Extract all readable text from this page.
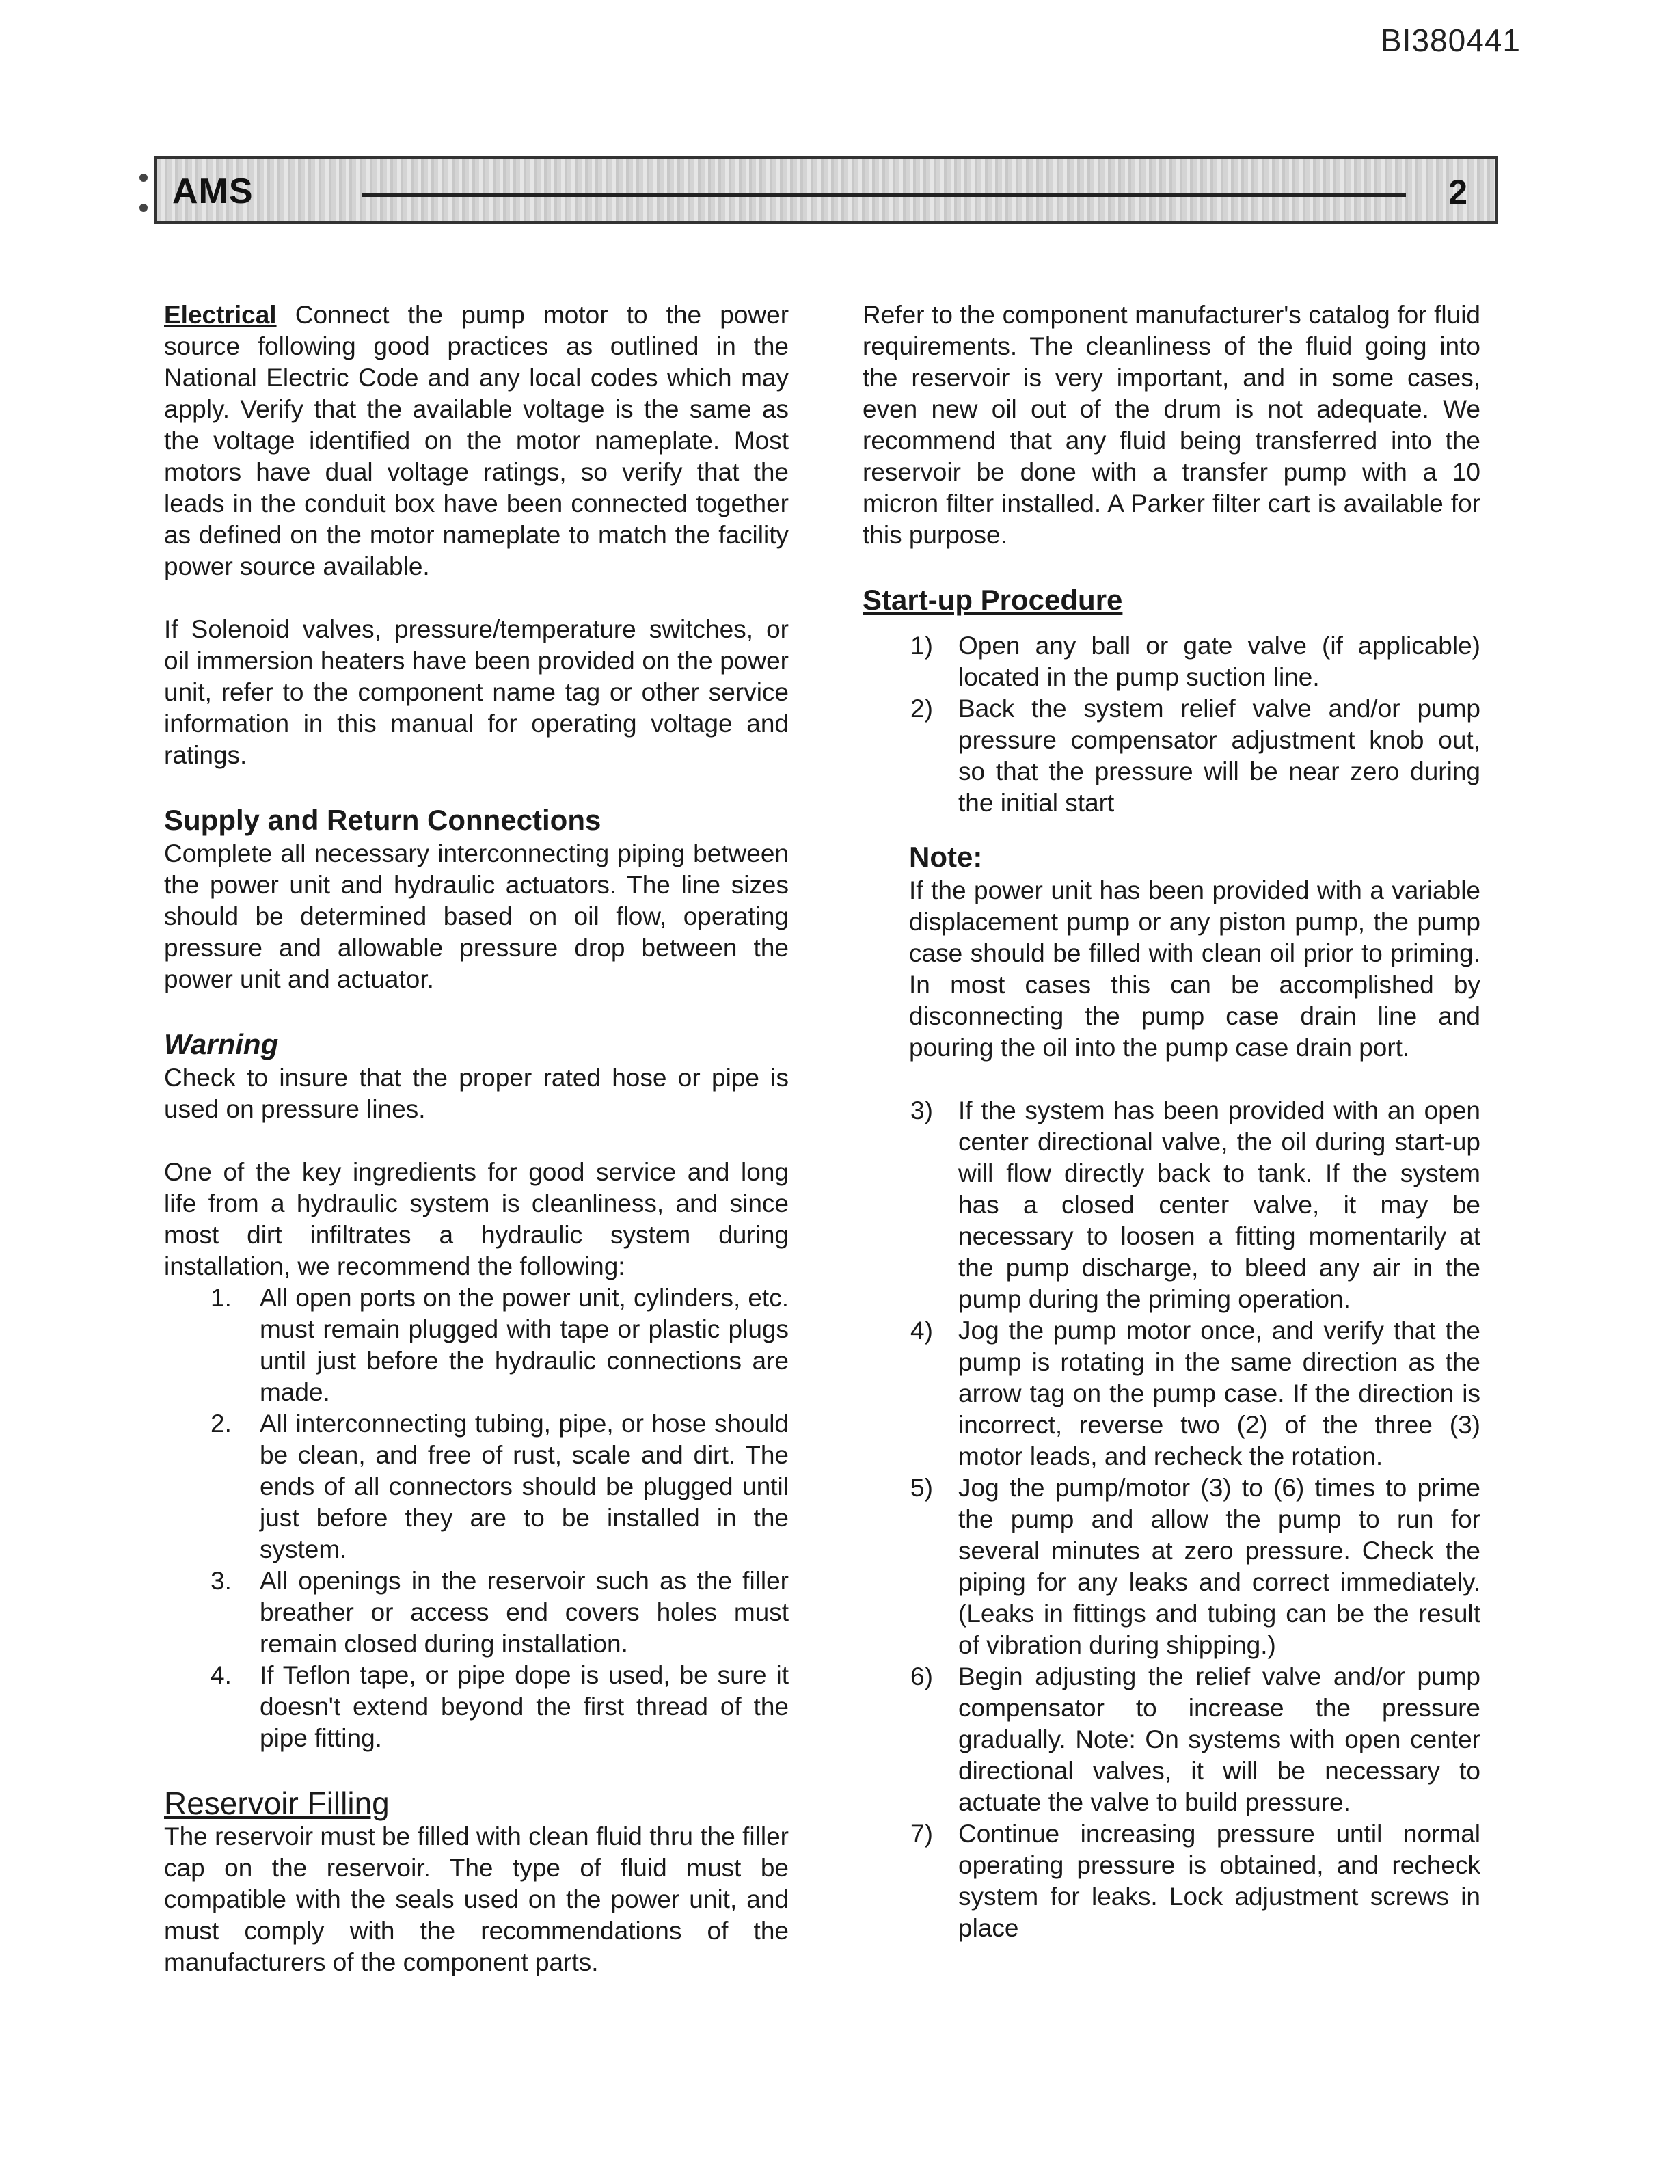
BI380441
AMS	2

Electrical Connect the pump motor to the power source following good practices as outlined in the National Electric Code and any local codes which may apply. Verify that the available voltage is the same as the voltage identified on the motor nameplate. Most motors have dual voltage ratings, so verify that the leads in the conduit box have been connected together as defined on the motor nameplate to match the facility power source available.

If Solenoid valves, pressure/temperature switches, or oil immersion heaters have been provided on the power unit, refer to the component name tag or other service information in this manual for operating voltage and ratings.

Supply and Return Connections

Complete all necessary interconnecting piping between the power unit and hydraulic actuators. The line sizes should be determined based on oil flow, operating pressure and allowable pressure drop between the power unit and actuator.

Warning

Check to insure that the proper rated hose or pipe is used on pressure lines.

One of the key ingredients for good service and long life from a hydraulic system is cleanliness, and since most dirt infiltrates a hydraulic system during installation, we recommend the following:

1. All open ports on the power unit, cylinders, etc. must remain plugged with tape or plastic plugs until just before the hydraulic connections are made.
2. All interconnecting tubing, pipe, or hose should be clean, and free of rust, scale and dirt. The ends of all connectors should be plugged until just before they are to be installed in the system.
3. All openings in the reservoir such as the filler breather or access end covers holes must remain closed during installation.
4. If Teflon tape, or pipe dope is used, be sure it doesn't extend beyond the first thread of the pipe fitting.
Reservoir Filling

The reservoir must be filled with clean fluid thru the filler cap on the reservoir. The type of fluid must be compatible with the seals used on the power unit, and must comply with the recommendations of the manufacturers of the component parts.

Refer to the component manufacturer's catalog for fluid requirements. The cleanliness of the fluid going into the reservoir is very important, and in some cases, even new oil out of the drum is not adequate. We recommend that any fluid being transferred into the reservoir be done with a transfer pump with a 10 micron filter installed. A Parker filter cart is available for this purpose.

Start-up Procedure
1) Open any ball or gate valve (if applicable) located in the pump suction line.
2) Back the system relief valve and/or pump pressure compensator adjustment knob out, so that the pressure will be near zero during the initial start
Note:

If the power unit has been provided with a variable displacement pump or any piston pump, the pump case should be filled with clean oil prior to priming. In most cases this can be accomplished by disconnecting the pump case drain line and pouring the oil into the pump case drain port.

3) If the system has been provided with an open center directional valve, the oil during start-up will flow directly back to tank. If the system has a closed center valve, it may be necessary to loosen a fitting momentarily at the pump discharge, to bleed any air in the pump during the priming operation.
4) Jog the pump motor once, and verify that the pump is rotating in the same direction as the arrow tag on the pump case. If the direction is incorrect, reverse two (2) of the three (3) motor leads, and recheck the rotation.
5) Jog the pump/motor (3) to (6) times to prime the pump and allow the pump to run for several minutes at zero pressure. Check the piping for any leaks and correct immediately. (Leaks in fittings and tubing can be the result of vibration during shipping.)
6) Begin adjusting the relief valve and/or pump compensator to increase the pressure gradually. Note: On systems with open center directional valves, it will be necessary to actuate the valve to build pressure.
7) Continue increasing pressure until normal operating pressure is obtained, and recheck system for leaks. Lock adjustment screws in place
